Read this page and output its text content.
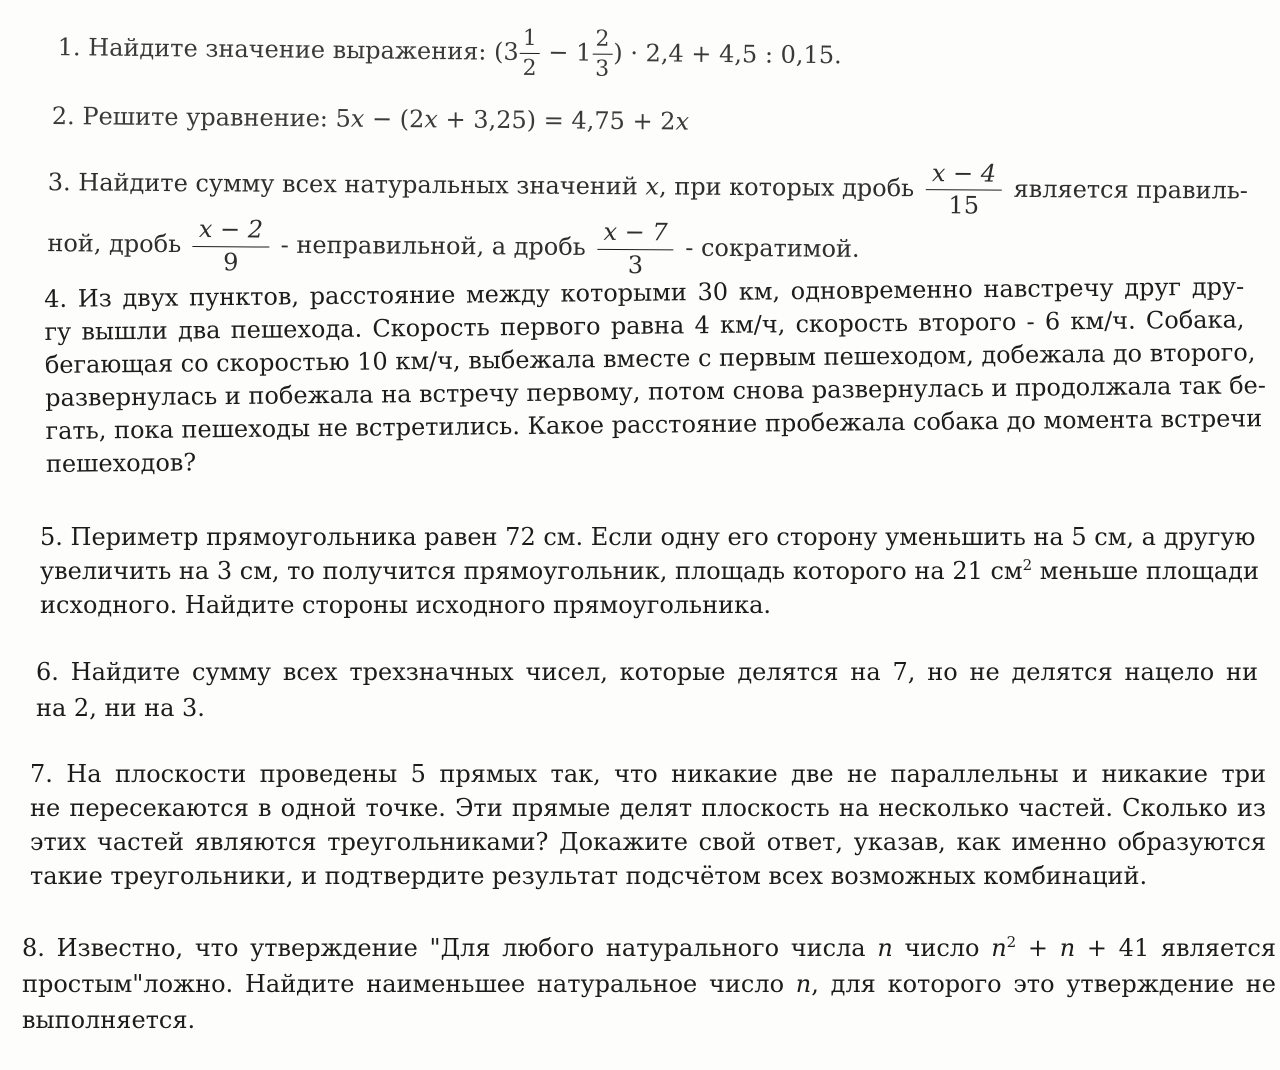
1. Найдите значение выражения: ($3 \frac{1}{2} - 1 \frac{2}{3}$ ) · 2,4 + 4,5 : 0,15.
2. Решите уравнение: 5x − (2x + 3,25) = 4,75 + 2x
3. Найдите сумму всех натуральных значений x, при которых дробь $\frac{x - 4}{15}$ является правиль-
ной, дробь $\frac{x - 2}{9}$ - неправильной, а дробь $\frac{x - 7}{3}$ - сократимой.
4. Из двух пунктов, расстояние между которыми 30 км, одновременно навстречу друг дру-
гу вышли два пешехода. Скорость первого равна 4 км/ч, скорость второго - 6 км/ч. Собака,
бегающая со скоростью 10 км/ч, выбежала вместе с первым пешеходом, добежала до второго,
развернулась и побежала на встречу первому, потом снова развернулась и продолжала так бе-
гать, пока пешеходы не встретились. Какое расстояние пробежала собака до момента встречи
пешеходов?
5. Периметр прямоугольника равен 72 см. Если одну его сторону уменьшить на 5 см, а другую
увеличить на 3 см, то получится прямоугольник, площадь которого на 21 $см^2$ меньше площади
исходного. Найдите стороны исходного прямоугольника.
6. Найдите сумму всех трехзначных чисел, которые делятся на 7, но не делятся нацело ни
на 2, ни на 3.
7. На плоскости проведены 5 прямых так, что никакие две не параллельны и никакие три
не пересекаются в одной точке. Эти прямые делят плоскость на несколько частей. Сколько из
этих частей являются треугольниками? Докажите свой ответ, указав, как именно образуются
такие треугольники, и подтвердите результат подсчётом всех возможных комбинаций.
8. Известно, что утверждение "Для любого натурального числа n число $n^2 + n + 41$ является
простым"ложно. Найдите наименьшее натуральное число n, для которого это утверждение не
выполняется.
